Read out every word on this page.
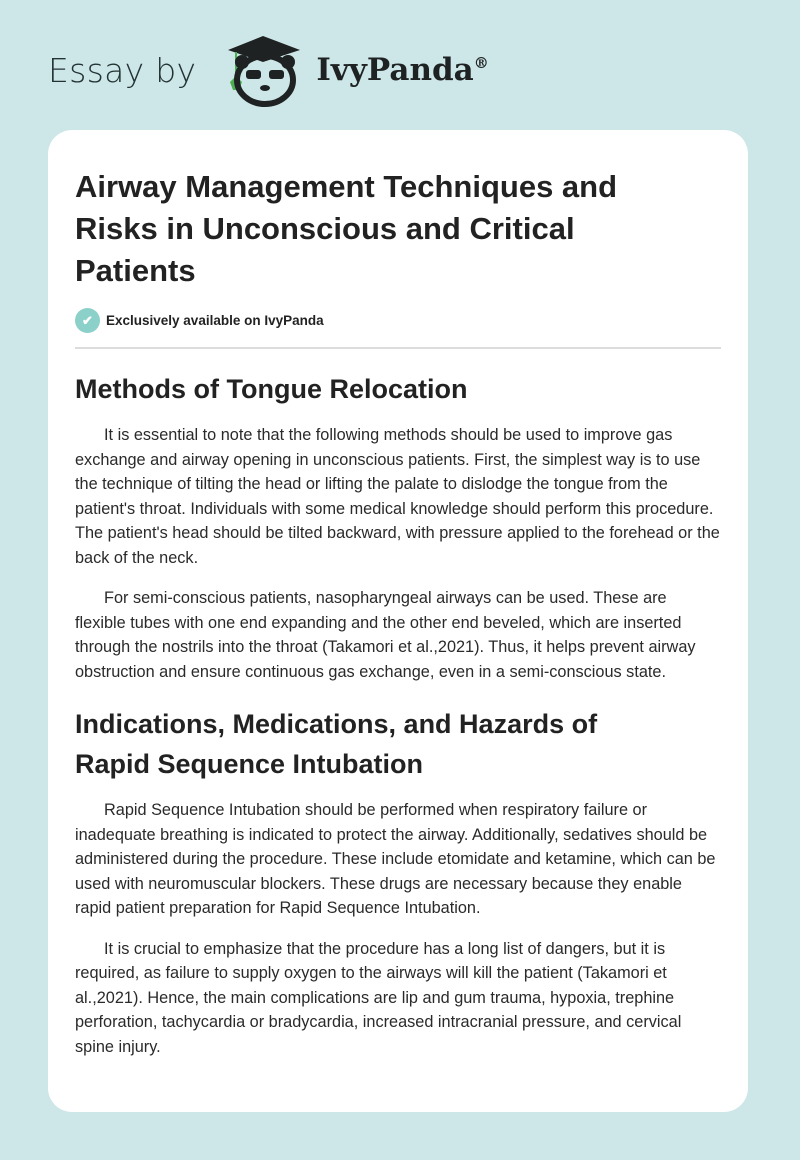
Essay by	IvyPanda®
Airway Management Techniques and Risks in Unconscious and Critical Patients
✔ Exclusively available on IvyPanda
Methods of Tongue Relocation

It is essential to note that the following methods should be used to improve gas exchange and airway opening in unconscious patients. First, the simplest way is to use the technique of tilting the head or lifting the palate to dislodge the tongue from the patient's throat. Individuals with some medical knowledge should perform this procedure. The patient's head should be tilted backward, with pressure applied to the forehead or the back of the neck.

For semi-conscious patients, nasopharyngeal airways can be used. These are flexible tubes with one end expanding and the other end beveled, which are inserted through the nostrils into the throat (Takamori et al.,2021). Thus, it helps prevent airway obstruction and ensure continuous gas exchange, even in a semi-conscious state.

Indications, Medications, and Hazards of Rapid Sequence Intubation

Rapid Sequence Intubation should be performed when respiratory failure or inadequate breathing is indicated to protect the airway. Additionally, sedatives should be administered during the procedure. These include etomidate and ketamine, which can be used with neuromuscular blockers. These drugs are necessary because they enable rapid patient preparation for Rapid Sequence Intubation.

It is crucial to emphasize that the procedure has a long list of dangers, but it is required, as failure to supply oxygen to the airways will kill the patient (Takamori et al.,2021). Hence, the main complications are lip and gum trauma, hypoxia, trephine perforation, tachycardia or bradycardia, increased intracranial pressure, and cervical spine injury.
